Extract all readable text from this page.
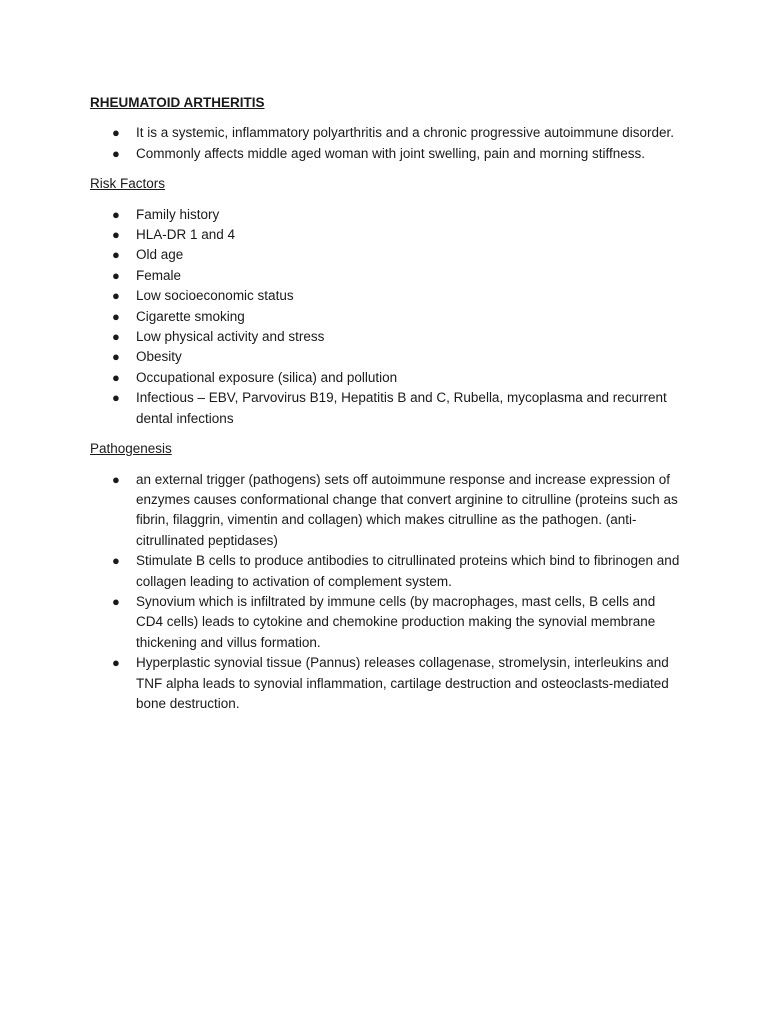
RHEUMATOID ARTHERITIS
● It is a systemic, inflammatory polyarthritis and a chronic progressive autoimmune disorder.
● Commonly affects middle aged woman with joint swelling, pain and morning stiffness.
Risk Factors
● Family history
● HLA-DR 1 and 4
● Old age
● Female
● Low socioeconomic status
● Cigarette smoking
● Low physical activity and stress
● Obesity
● Occupational exposure (silica) and pollution
● Infectious – EBV, Parvovirus B19, Hepatitis B and C, Rubella, mycoplasma and recurrent dental infections
Pathogenesis
● an external trigger (pathogens) sets off autoimmune response and increase expression of enzymes causes conformational change that convert arginine to citrulline (proteins such as fibrin, filaggrin, vimentin and collagen) which makes citrulline as the pathogen. (anti-citrullinated peptidases)
● Stimulate B cells to produce antibodies to citrullinated proteins which bind to fibrinogen and collagen leading to activation of complement system.
● Synovium which is infiltrated by immune cells (by macrophages, mast cells, B cells and CD4 cells) leads to cytokine and chemokine production making the synovial membrane thickening and villus formation.
● Hyperplastic synovial tissue (Pannus) releases collagenase, stromelysin, interleukins and TNF alpha leads to synovial inflammation, cartilage destruction and osteoclasts-mediated bone destruction.
